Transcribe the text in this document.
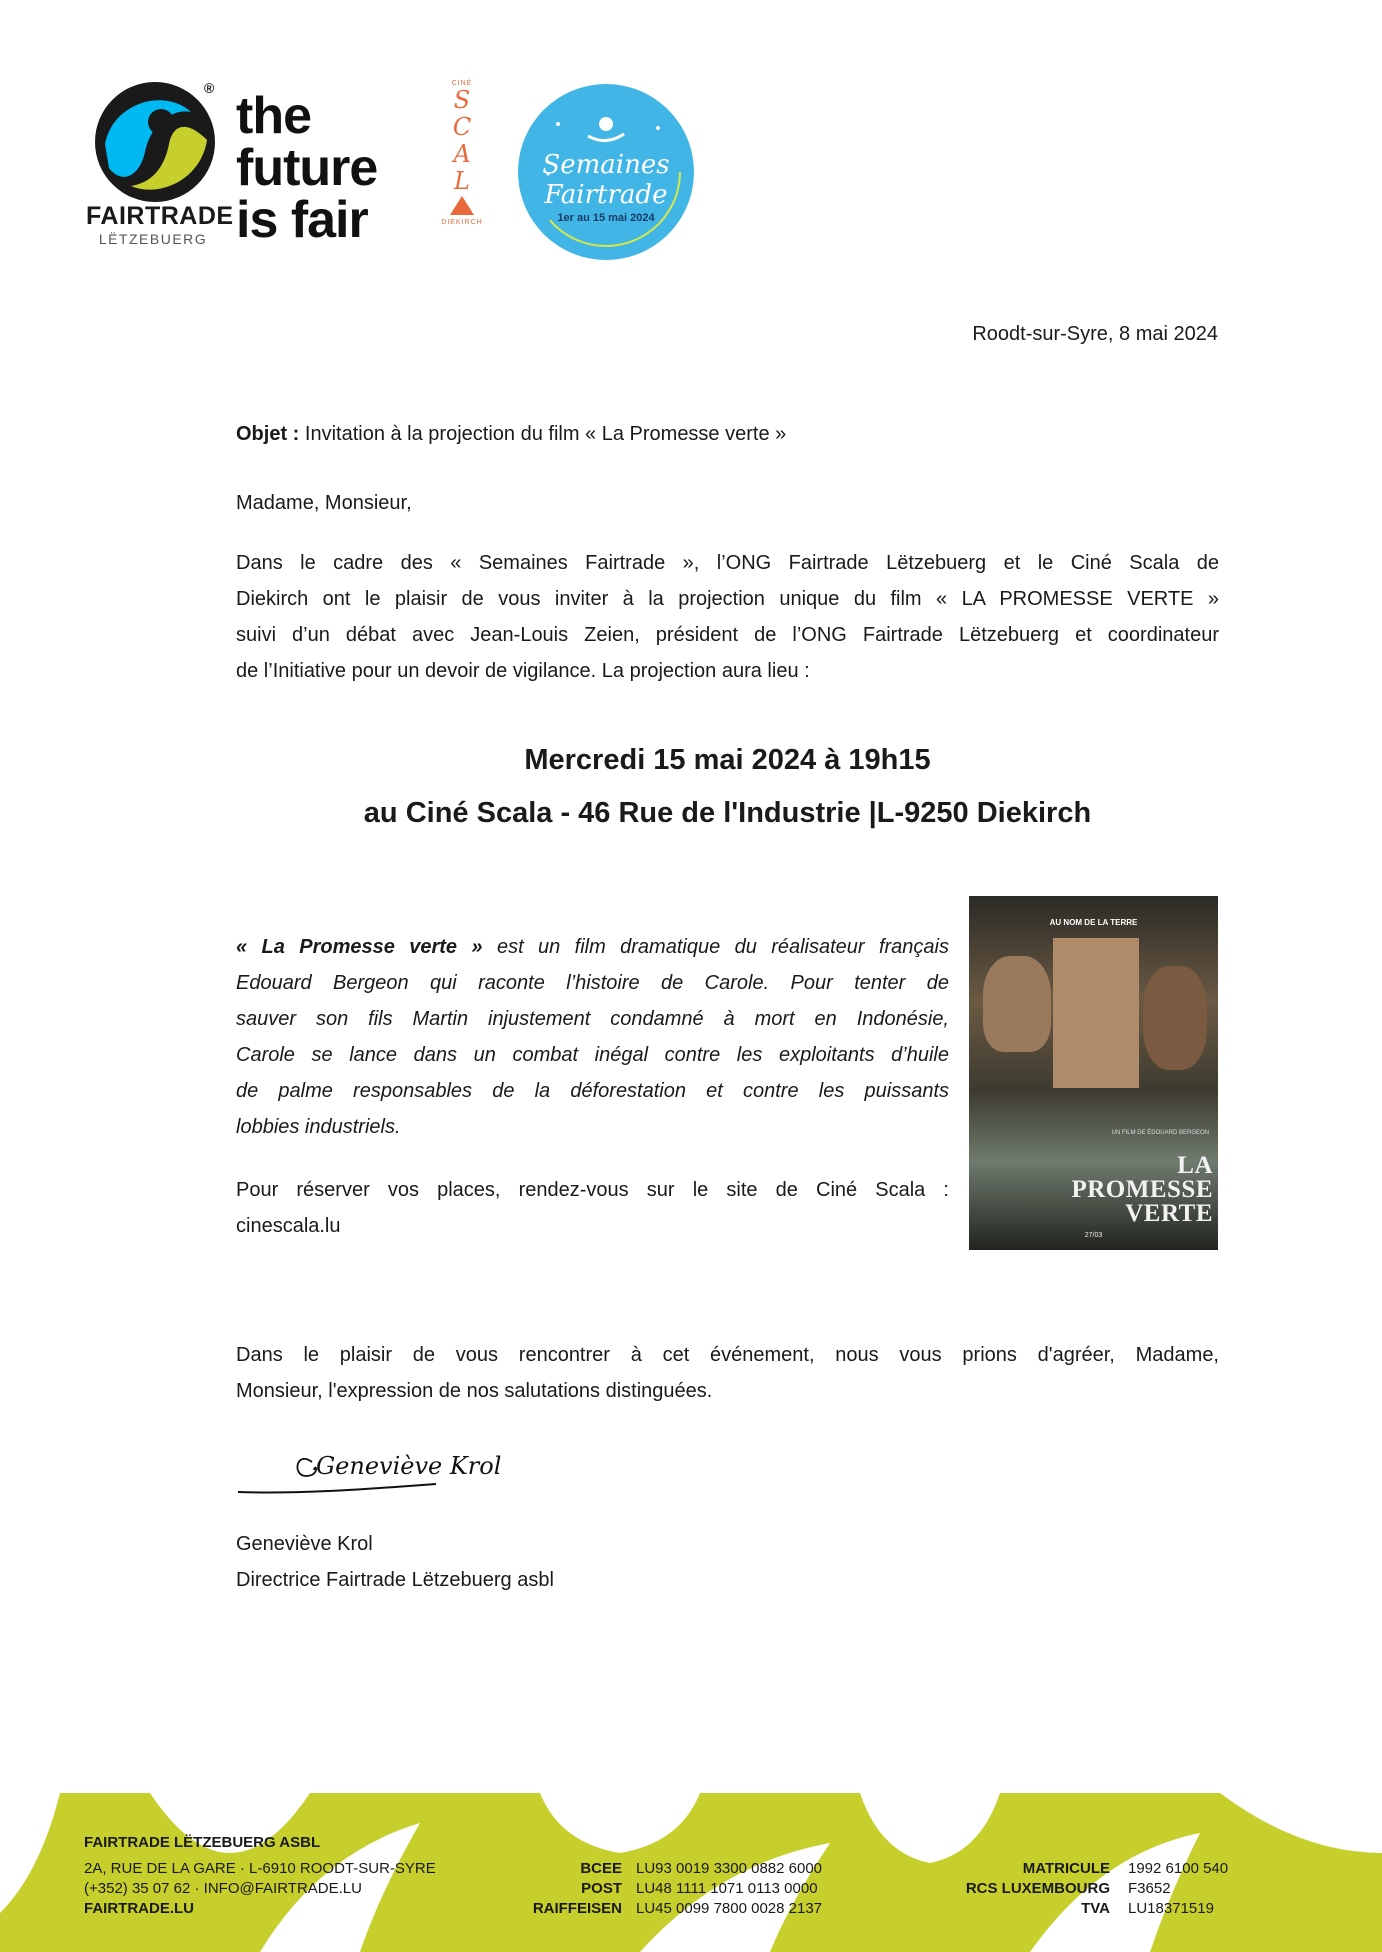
®
FAIRTRADE
LËTZEBUERG
the
future
is fair
CINÉ
S
C
A
L
DIEKIRCH
Semaines Fairtrade
1er au 15 mai 2024
Roodt-sur-Syre, 8 mai 2024
Objet : Invitation à la projection du film « La Promesse verte »
Madame, Monsieur,
Dans le cadre des « Semaines Fairtrade », l’ONG Fairtrade Lëtzebuerg et le Ciné Scala de
Diekirch ont le plaisir de vous inviter à la projection unique du film « LA PROMESSE VERTE »
suivi d’un débat avec Jean-Louis Zeien, président de l’ONG Fairtrade Lëtzebuerg et coordinateur
de l’Initiative pour un devoir de vigilance. La projection aura lieu :
Mercredi 15 mai 2024 à 19h15
au Ciné Scala - 46 Rue de l'Industrie |L-9250 Diekirch
« La Promesse verte » est un film dramatique du réalisateur français
Edouard Bergeon qui raconte l’histoire de Carole. Pour tenter de
sauver son fils Martin injustement condamné à mort en Indonésie,
Carole se lance dans un combat inégal contre les exploitants d’huile
de palme responsables de la déforestation et contre les puissants
lobbies industriels.
Pour réserver vos places, rendez-vous sur le site de Ciné Scala :
cinescala.lu
AU NOM DE LA TERRE
UN FILM DE ÉDOUARD BERGEON
LA
PROMESSE
VERTE
27/03
Dans le plaisir de vous rencontrer à cet événement, nous vous prions d'agréer, Madame,
Monsieur, l'expression de nos salutations distinguées.
Geneviève Krol
Geneviève Krol
Directrice Fairtrade Lëtzebuerg asbl
FAIRTRADE LËTZEBUERG ASBL
2A, RUE DE LA GARE · L-6910 ROODT-SUR-SYRE
(+352) 35 07 62 · INFO@FAIRTRADE.LU
FAIRTRADE.LU
BCEE
POST
RAIFFEISEN
LU93 0019 3300 0882 6000
LU48 1111 1071 0113 0000
LU45 0099 7800 0028 2137
MATRICULE
RCS LUXEMBOURG
TVA
1992 6100 540
F3652
LU18371519
